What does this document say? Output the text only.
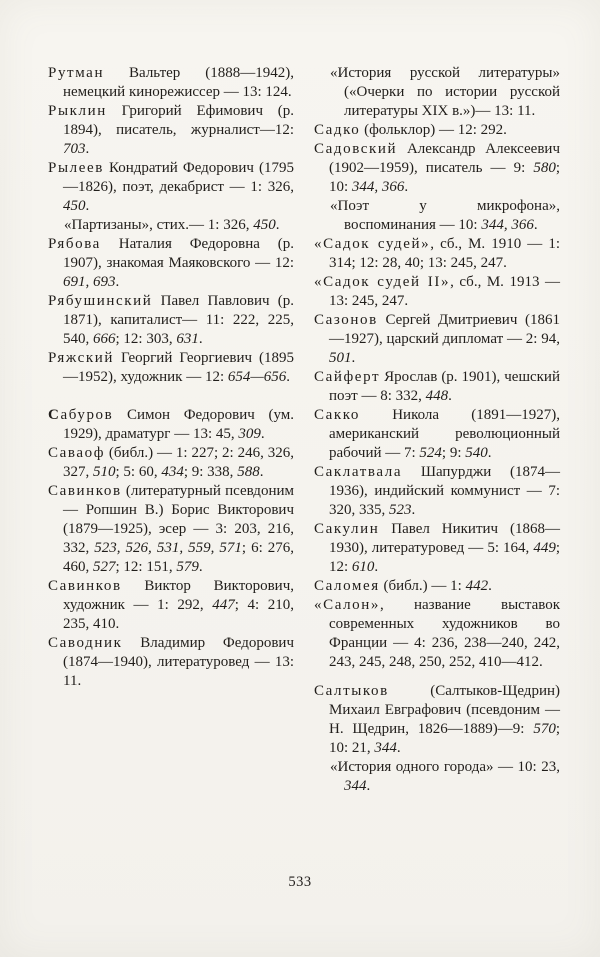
Рутман Вальтер (1888—1942), немецкий кинорежиссер — 13: 124.
Рыклин Григорий Ефимович (р. 1894), писатель, журналист—12: 703.
Рылеев Кондратий Федорович (1795—1826), поэт, декабрист — 1: 326, 450.
«Партизаны», стих.— 1: 326, 450.
Рябова Наталия Федоровна (р. 1907), знакомая Маяковского — 12: 691, 693.
Рябушинский Павел Павлович (р. 1871), капиталист— 11: 222, 225, 540, 666; 12: 303, 631.
Ряжский Георгий Георгиевич (1895—1952), художник — 12: 654—656.
Сабуров Симон Федорович (ум. 1929), драматург — 13: 45, 309.
Саваоф (библ.) — 1: 227; 2: 246, 326, 327, 510; 5: 60, 434; 9: 338, 588.
Савинков (литературный псевдоним — Ропшин В.) Борис Викторович (1879—1925), эсер — 3: 203, 216, 332, 523, 526, 531, 559, 571; 6: 276, 460, 527; 12: 151, 579.
Савинков Виктор Викторович, художник — 1: 292, 447; 4: 210, 235, 410.
Саводник Владимир Федорович (1874—1940), литературовед — 13: 11.
«История русской литературы» («Очерки по истории русской литературы XIX в.»)— 13: 11.
Садко (фольклор) — 12: 292.
Садовский Александр Алексеевич (1902—1959), писатель — 9: 580; 10: 344, 366.
«Поэт у микрофона», воспоминания — 10: 344, 366.
«Садок судей», сб., М. 1910 — 1: 314; 12: 28, 40; 13: 245, 247.
«Садок судей II», сб., М. 1913 — 13: 245, 247.
Сазонов Сергей Дмитриевич (1861—1927), царский дипломат — 2: 94, 501.
Сайферт Ярослав (р. 1901), чешский поэт — 8: 332, 448.
Сакко Никола (1891—1927), американский революционный рабочий — 7: 524; 9: 540.
Саклатвала Шапурджи (1874—1936), индийский коммунист — 7: 320, 335, 523.
Сакулин Павел Никитич (1868—1930), литературовед — 5: 164, 449; 12: 610.
Саломея (библ.) — 1: 442.
«Салон», название выставок современных художников во Франции — 4: 236, 238—240, 242, 243, 245, 248, 250, 252, 410—412.
Салтыков (Салтыков-Щедрин) Михаил Евграфович (псевдоним — Н. Щедрин, 1826—1889)—9: 570; 10: 21, 344.
«История одного города» — 10: 23, 344.
533
